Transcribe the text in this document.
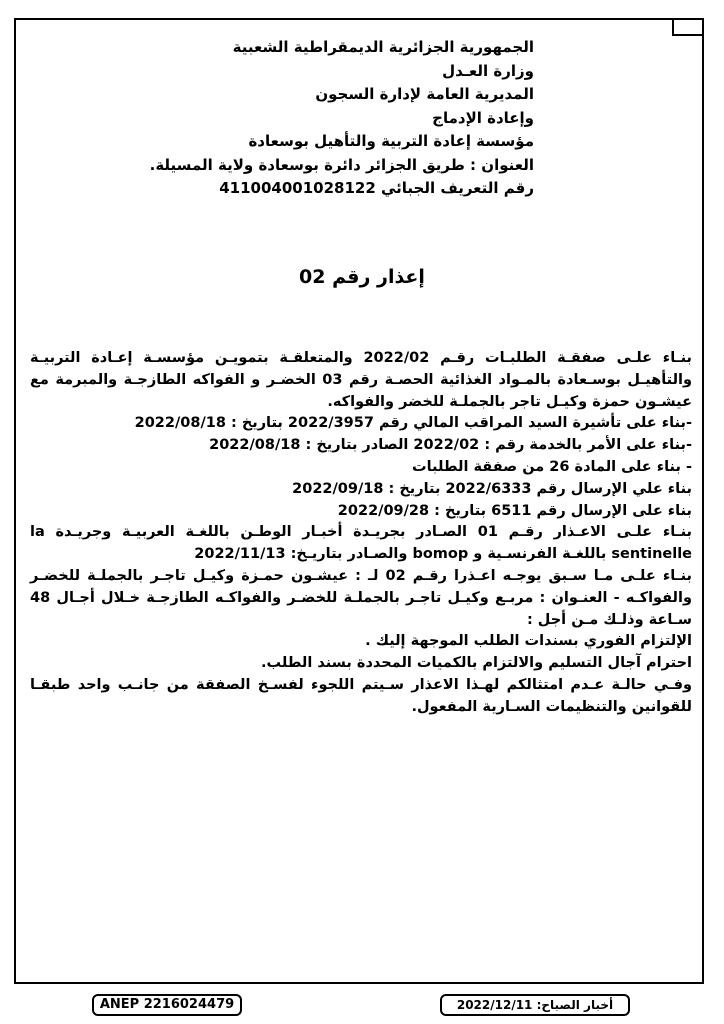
الجمهورية الجزائرية الديمقراطية الشعبية
وزارة العـدل
المديرية العامة لإدارة السجون
وإعادة الإدماج
مؤسسة إعادة التربية والتأهيل بوسعادة
العنوان : طريق الجزائر دائرة بوسعادة ولاية المسيلة.
رقم التعريف الجبائي 411004001028122
إعذار رقم 02

بنـاء علـى صفقـة الطلبـات رقـم 2022/02 والمتعلقـة بتمويـن مؤسسـة إعـادة التربيـة والتأهيـل بوسـعادة بالمـواد الغذائية الحصـة رقم 03 الخضـر و الفواكه الطازجـة والمبرمة مع عيشـون حمزة وكيـل تاجر بالجملـة للخضر والفواكه.

-بناء على تأشيرة السيد المراقب المالي رقم 2022/3957 بتاريخ : 2022/08/18

-بناء على الأمر بالخدمة رقم : 2022/02 الصادر بتاريخ : 2022/08/18

- بناء على المادة 26 من صفقة الطلبات

بناء علي الإرسال رقم 2022/6333 بتاريخ : 2022/09/18

بناء على الإرسال رقم 6511 بتاريخ : 2022/09/28

بنـاء علـى الاعـذار رقـم 01 الصـادر بجريـدة أخبـار الوطـن باللغـة العربيـة وجريـدة la sentinelle باللغـة الفرنسـية و bomop والصـادر بتاريـخ: 2022/11/13

بنـاء علـى مـا سـبق يوجـه اعـذرا رقـم 02 لـ : عيشـون حمـزة وكيـل تاجـر بالجملـة للخضـر والفواكـه - العنـوان : مربـع وكيـل تاجـر بالجملـة للخضـر والفواكـه الطازجـة خـلال أجـال 48 سـاعة وذلـك مـن أجل :

الإلتزام الفوري بسندات الطلب الموجهة إليك .

احترام آجال التسليم والالتزام بالكميات المحددة بسند الطلب.

وفـي حالـة عـدم امتثالكم لهـذا الاعذار سـيتم اللجوء لفسـخ الصفقة من جانـب واحد طبقـا للقوانين والتنظيمات السـارية المفعول.

ANEP 2216024479	أخبار الصباح: 2022/12/11
